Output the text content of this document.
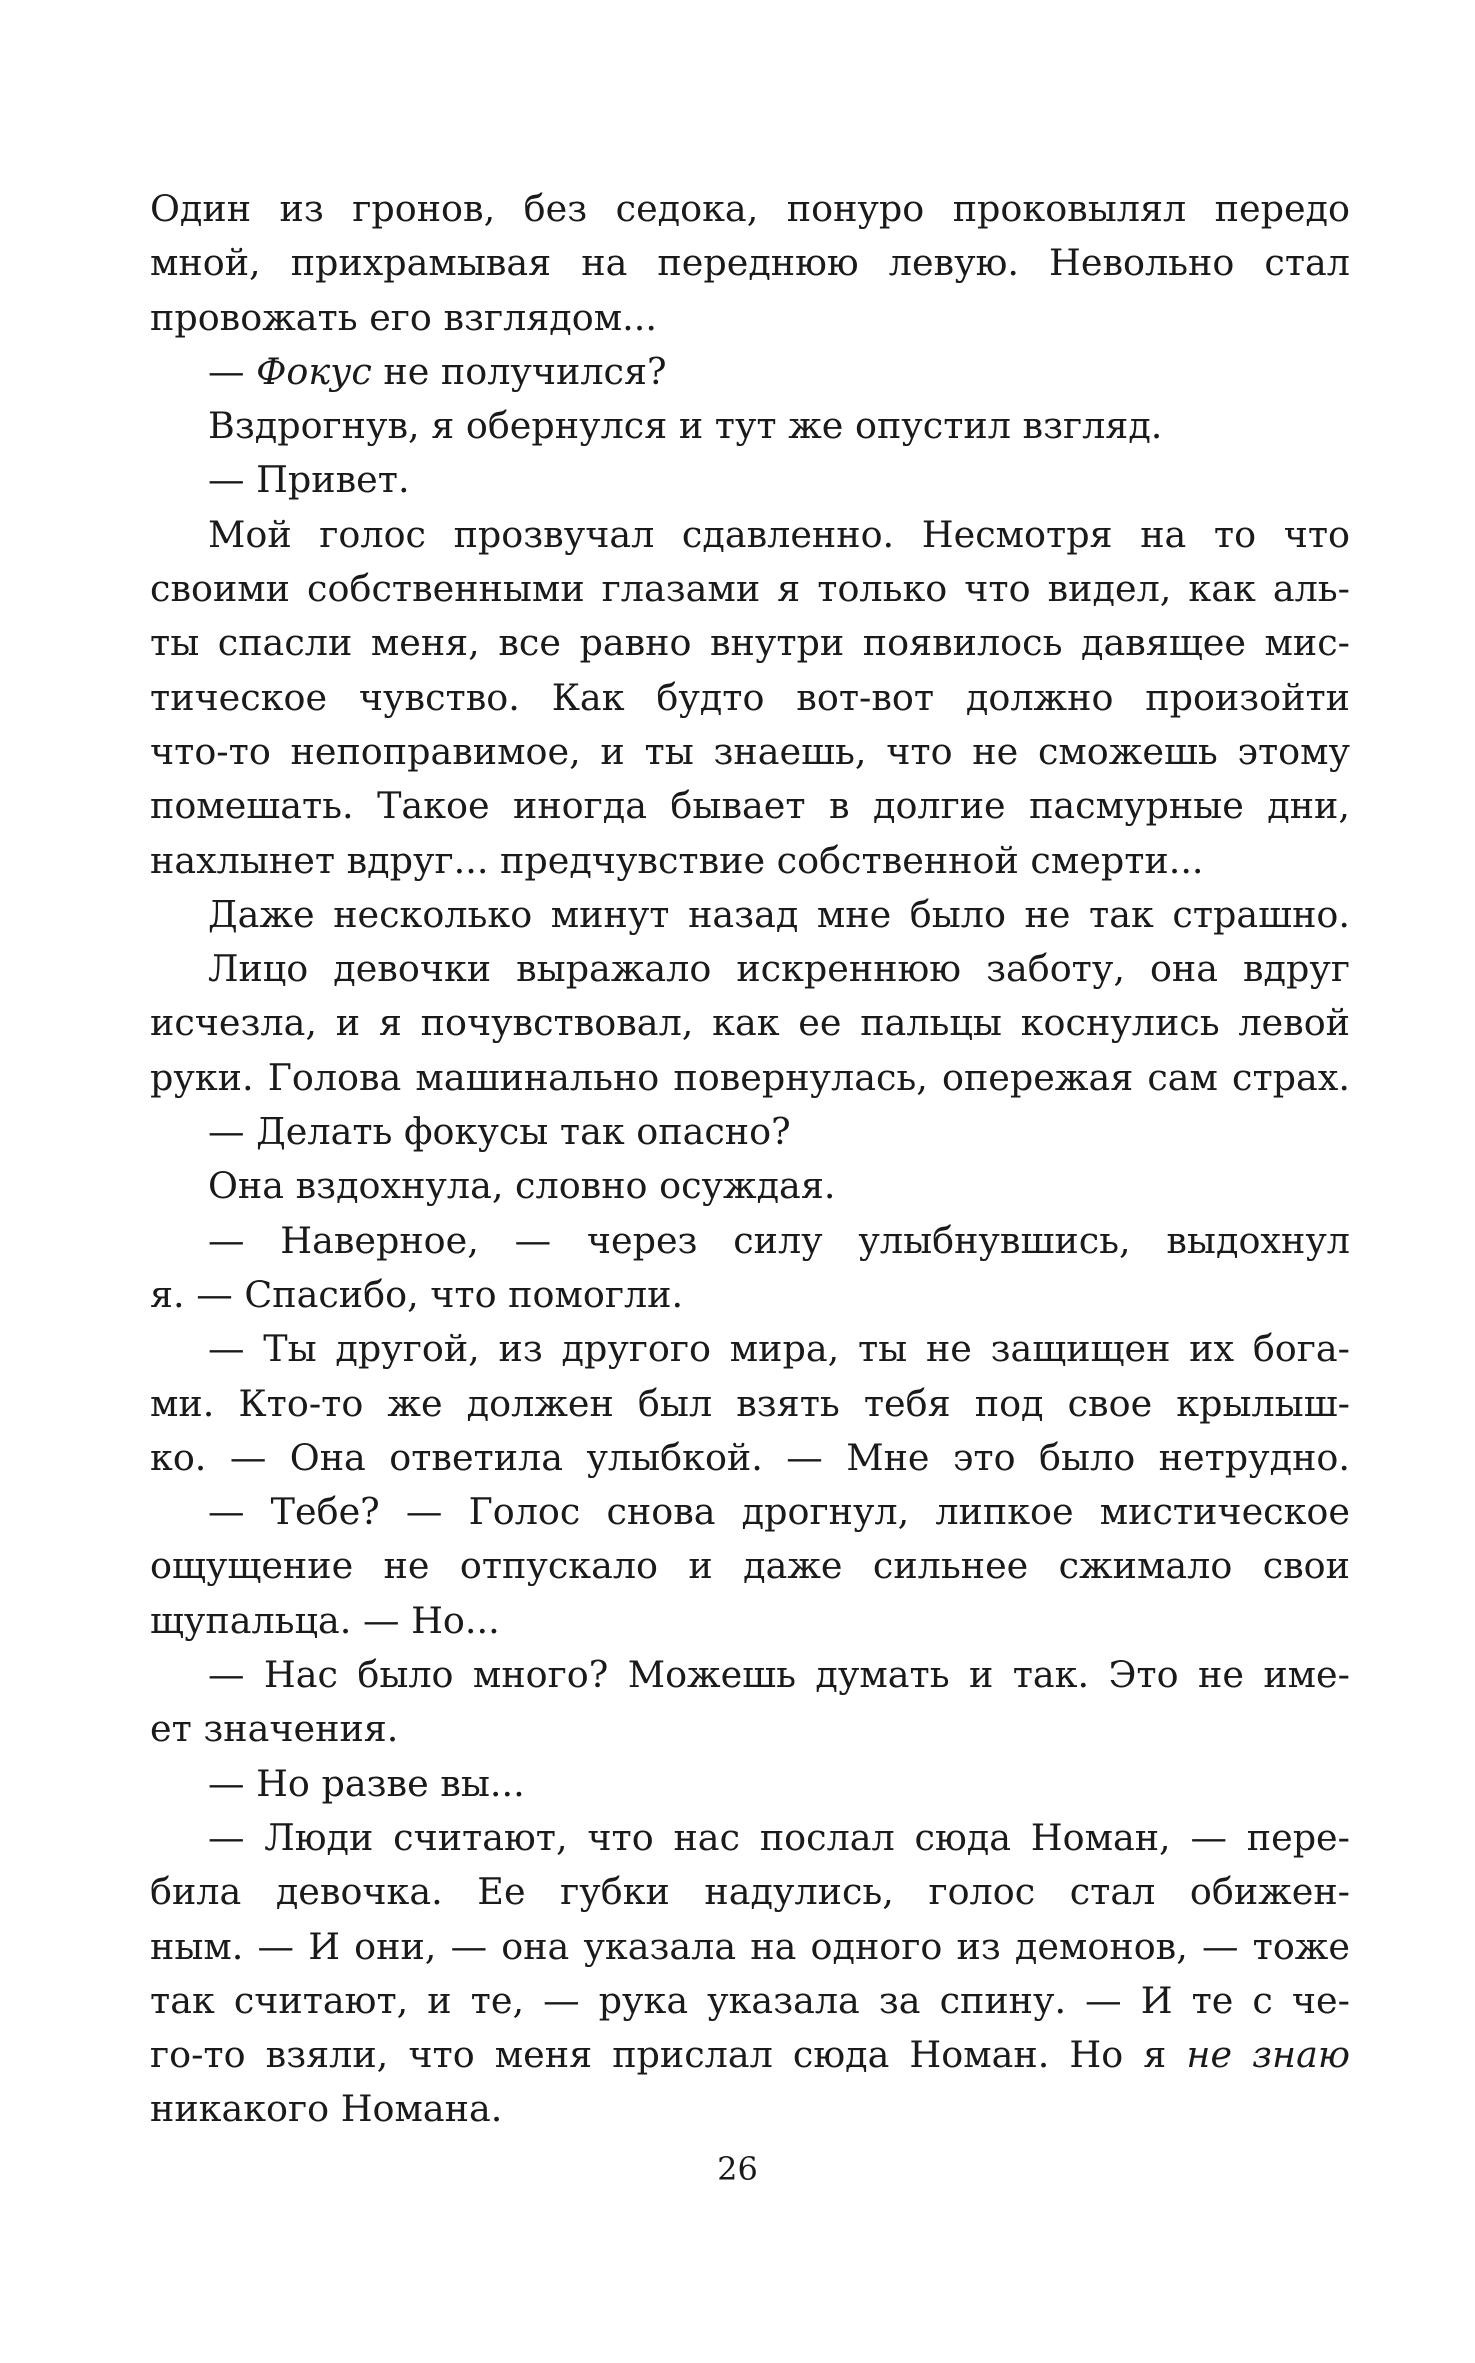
Один из гронов, без седока, понуро проковылял передо
мной, прихрамывая на переднюю левую. Невольно стал
провожать его взглядом...
— Фокус не получился?
Вздрогнув, я обернулся и тут же опустил взгляд.
— Привет.
Мой голос прозвучал сдавленно. Несмотря на то что
своими собственными глазами я только что видел, как аль-
ты спасли меня, все равно внутри появилось давящее мис-
тическое чувство. Как будто вот-вот должно произойти
что-то непоправимое, и ты знаешь, что не сможешь этому
помешать. Такое иногда бывает в долгие пасмурные дни,
нахлынет вдруг... предчувствие собственной смерти...
Даже несколько минут назад мне было не так страшно.
Лицо девочки выражало искреннюю заботу, она вдруг
исчезла, и я почувствовал, как ее пальцы коснулись левой
руки. Голова машинально повернулась, опережая сам страх.
— Делать фокусы так опасно?
Она вздохнула, словно осуждая.
— Наверное, — через силу улыбнувшись, выдохнул
я. — Спасибо, что помогли.
— Ты другой, из другого мира, ты не защищен их бога-
ми. Кто-то же должен был взять тебя под свое крылыш-
ко. — Она ответила улыбкой. — Мне это было нетрудно.
— Тебе? — Голос снова дрогнул, липкое мистическое
ощущение не отпускало и даже сильнее сжимало свои
щупальца. — Но...
— Нас было много? Можешь думать и так. Это не име-
ет значения.
— Но разве вы...
— Люди считают, что нас послал сюда Номан, — пере-
била девочка. Ее губки надулись, голос стал обижен-
ным. — И они, — она указала на одного из демонов, — тоже
так считают, и те, — рука указала за спину. — И те с че-
го-то взяли, что меня прислал сюда Номан. Но я не знаю
никакого Номана.
26
